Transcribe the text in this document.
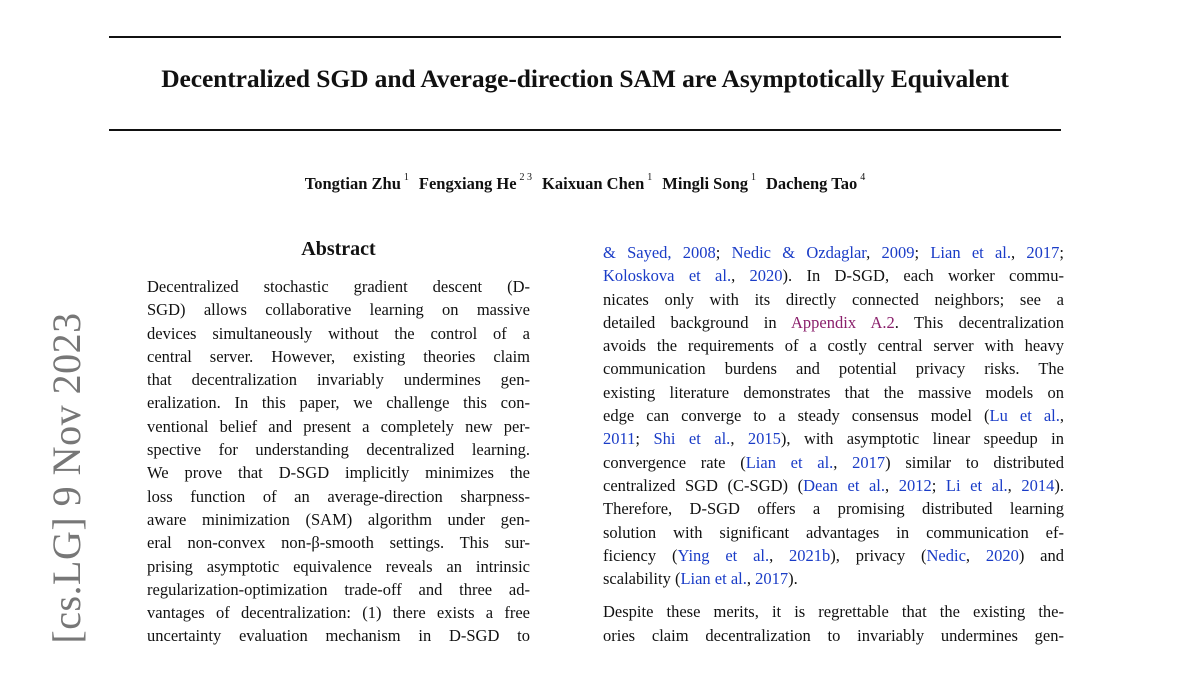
Decentralized SGD and Average-direction SAM are Asymptotically Equivalent
Tongtian Zhu $^1$ Fengxiang He $^{2 3}$ Kaixuan Chen $^1$ Mingli Song $^1$ Dacheng Tao $^4$
[cs.LG] 9 Nov 2023
Abstract
Decentralized stochastic gradient descent (D-
SGD) allows collaborative learning on massive
devices simultaneously without the control of a
central server. However, existing theories claim
that decentralization invariably undermines gen-
eralization. In this paper, we challenge this con-
ventional belief and present a completely new per-
spective for understanding decentralized learning.
We prove that D-SGD implicitly minimizes the
loss function of an average-direction sharpness-
aware minimization (SAM) algorithm under gen-
eral non-convex non-β-smooth settings. This sur-
prising asymptotic equivalence reveals an intrinsic
regularization-optimization trade-off and three ad-
vantages of decentralization: (1) there exists a free
uncertainty evaluation mechanism in D-SGD to
& Sayed, 2008; Nedic & Ozdaglar, 2009; Lian et al., 2017;
Koloskova et al., 2020). In D-SGD, each worker commu-
nicates only with its directly connected neighbors; see a
detailed background in Appendix A.2. This decentralization
avoids the requirements of a costly central server with heavy
communication burdens and potential privacy risks. The
existing literature demonstrates that the massive models on
edge can converge to a steady consensus model (Lu et al.,
2011; Shi et al., 2015), with asymptotic linear speedup in
convergence rate (Lian et al., 2017) similar to distributed
centralized SGD (C-SGD) (Dean et al., 2012; Li et al., 2014).
Therefore, D-SGD offers a promising distributed learning
solution with significant advantages in communication ef-
ficiency (Ying et al., 2021b), privacy (Nedic, 2020) and
scalability (Lian et al., 2017).
Despite these merits, it is regrettable that the existing the-
ories claim decentralization to invariably undermines gen-
